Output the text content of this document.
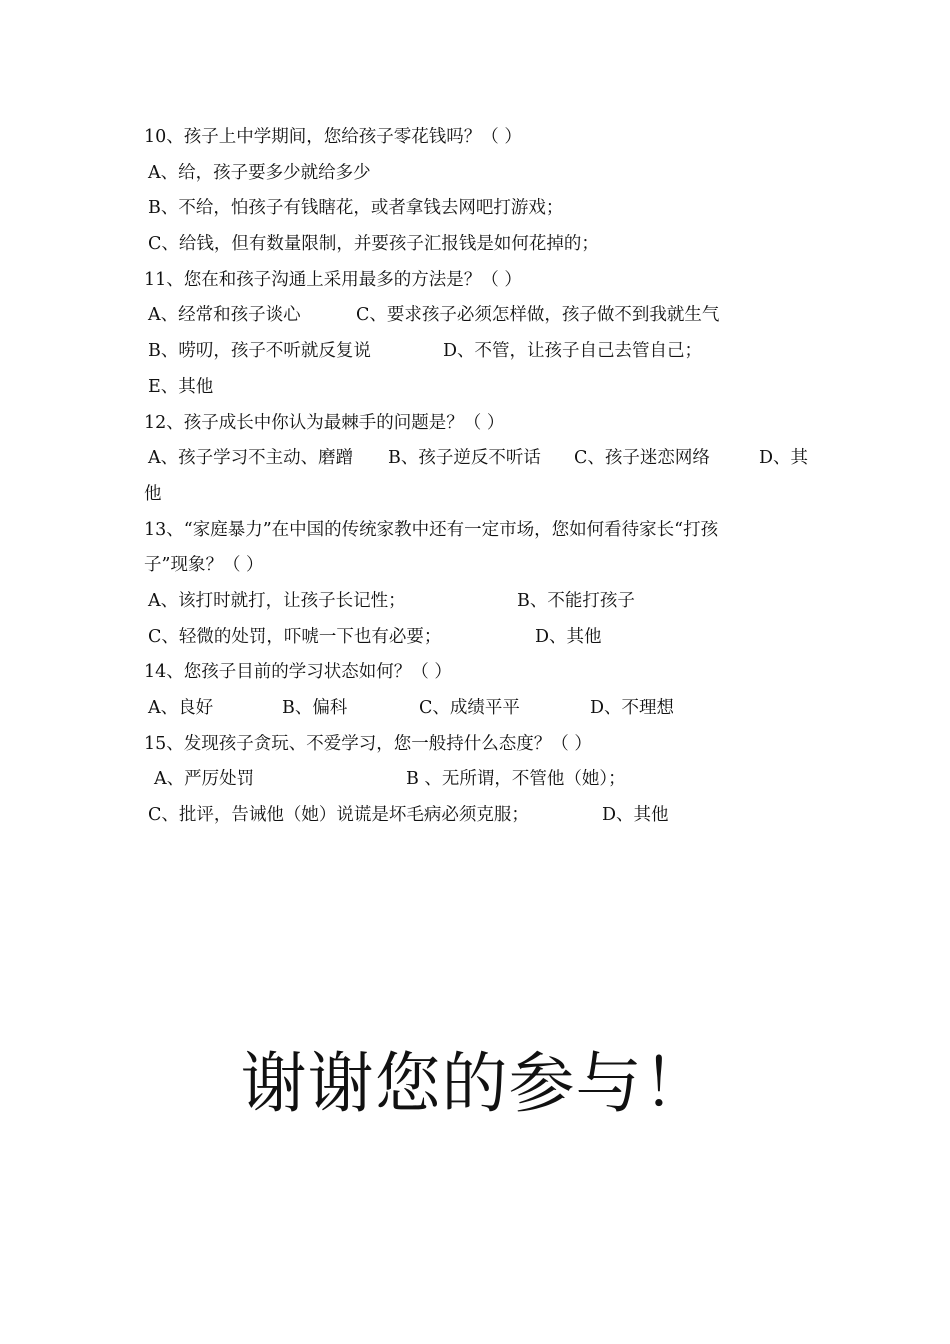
10、孩子上中学期间，您给孩子零花钱吗？（ ）
A、给，孩子要多少就给多少
B、不给，怕孩子有钱瞎花，或者拿钱去网吧打游戏；
C、给钱，但有数量限制，并要孩子汇报钱是如何花掉的；
11、您在和孩子沟通上采用最多的方法是？（ ）
A、经常和孩子谈心	C、要求孩子必须怎样做，孩子做不到我就生气
B、唠叨，孩子不听就反复说	D、不管，让孩子自己去管自己；
E、其他
12、孩子成长中你认为最棘手的问题是？（ ）
A、孩子学习不主动、磨蹭 B、孩子逆反不听话 C、孩子迷恋网络	D、其
他
13、“家庭暴力”在中国的传统家教中还有一定市场，您如何看待家长“打孩
子”现象？（ ）
A、该打时就打，让孩子长记性；	B、不能打孩子
C、轻微的处罚，吓唬一下也有必要；	D、其他
14、您孩子目前的学习状态如何？（ ）
A、良好	B、偏科	C、成绩平平	D、不理想
15、发现孩子贪玩、不爱学习，您一般持什么态度？（ ）
A、严厉处罚	B 、无所谓，不管他（她）；
C、批评，告诫他（她）说谎是坏毛病必须克服；	D、其他
谢谢您的参与！
